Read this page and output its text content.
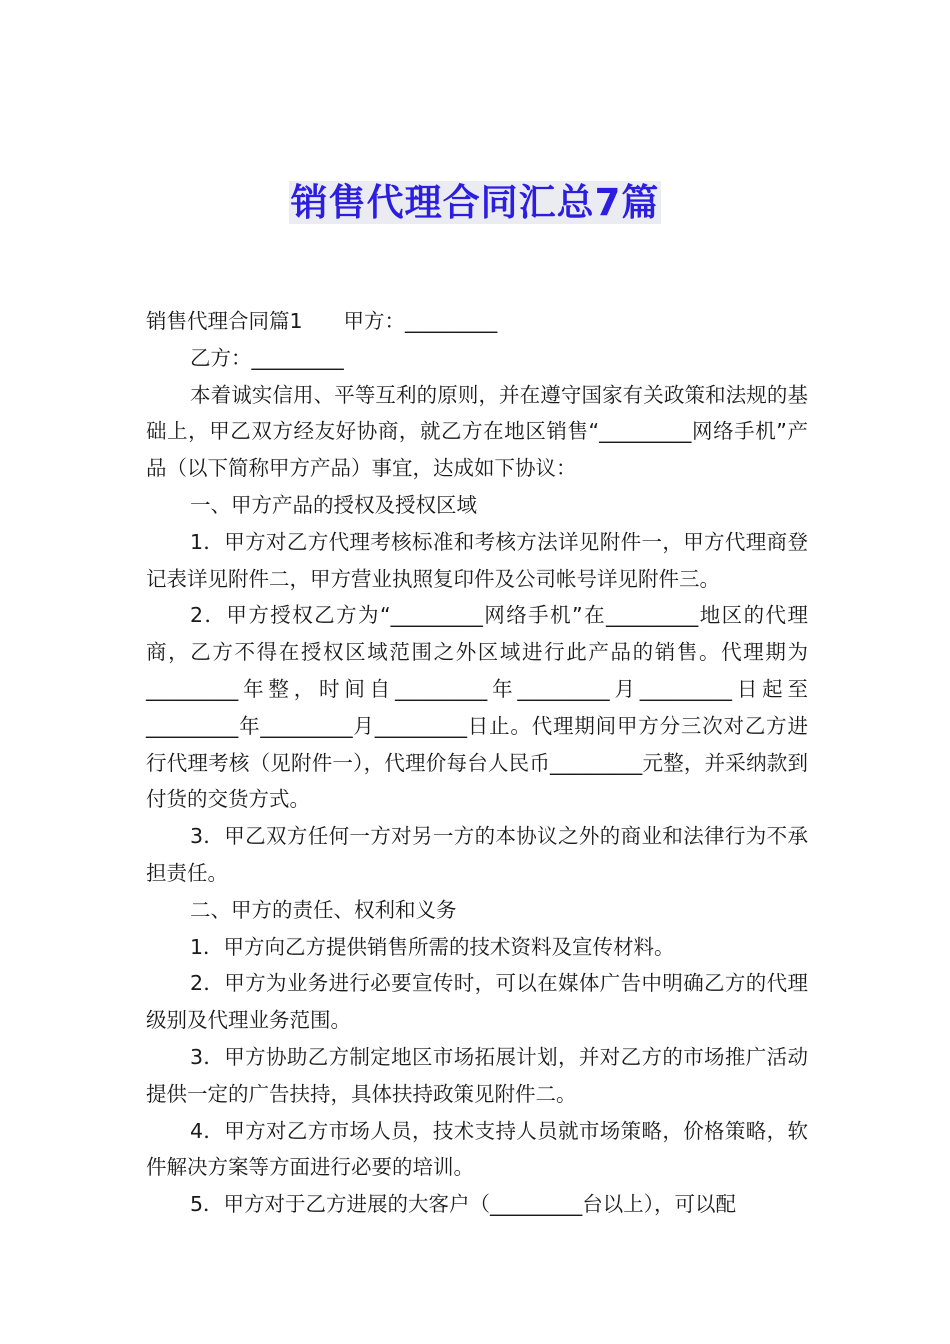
销售代理合同汇总7篇

销售代理合同篇1　　甲方：_________

乙方：_________

本着诚实信用、平等互利的原则，并在遵守国家有关政策和法规的基础上，甲乙双方经友好协商，就乙方在地区销售“_________网络手机”产品（以下简称甲方产品）事宜，达成如下协议：

一、甲方产品的授权及授权区域

1．甲方对乙方代理考核标准和考核方法详见附件一，甲方代理商登记表详见附件二，甲方营业执照复印件及公司帐号详见附件三。

2．甲方授权乙方为“_________网络手机”在_________地区的代理商，乙方不得在授权区域范围之外区域进行此产品的销售。代理期为_________年整，时间自_________年_________月_________日起至_________年_________月_________日止。代理期间甲方分三次对乙方进行代理考核（见附件一），代理价每台人民币_________元整，并采纳款到付货的交货方式。

3．甲乙双方任何一方对另一方的本协议之外的商业和法律行为不承担责任。

二、甲方的责任、权利和义务

1．甲方向乙方提供销售所需的技术资料及宣传材料。

2．甲方为业务进行必要宣传时，可以在媒体广告中明确乙方的代理级别及代理业务范围。

3．甲方协助乙方制定地区市场拓展计划，并对乙方的市场推广活动提供一定的广告扶持，具体扶持政策见附件二。

4．甲方对乙方市场人员，技术支持人员就市场策略，价格策略，软件解决方案等方面进行必要的培训。

5．甲方对于乙方进展的大客户（_________台以上），可以配
